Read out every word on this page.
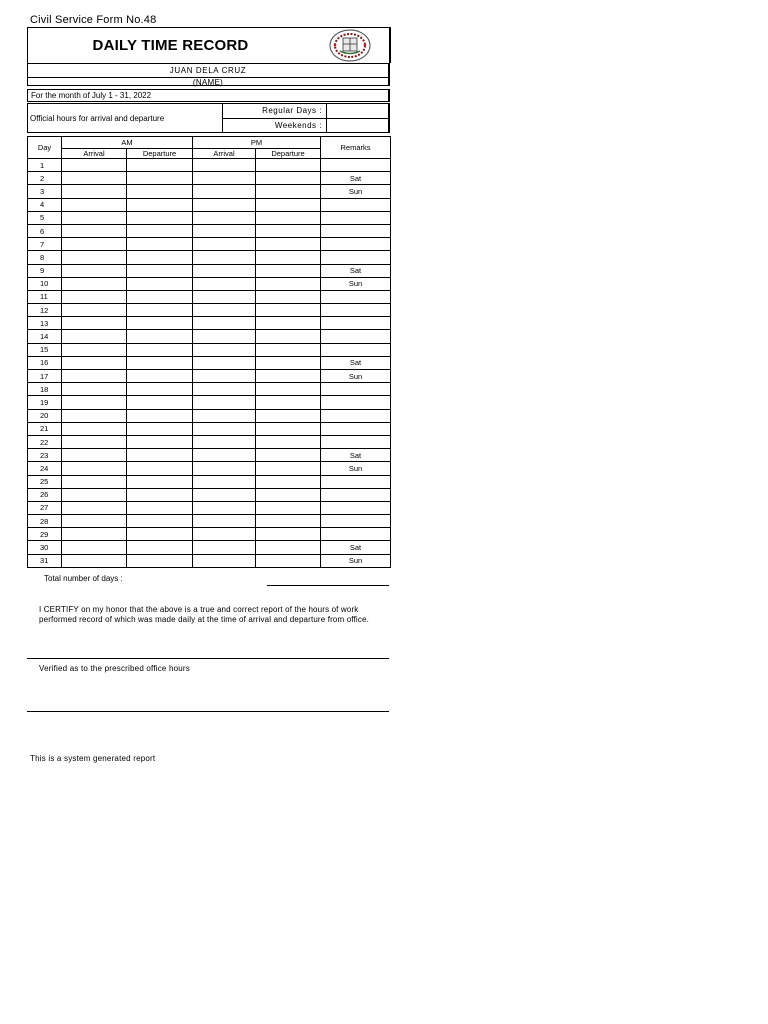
Civil Service Form No.48
DAILY TIME RECORD
JUAN DELA CRUZ
(NAME)
For the month of July 1 - 31, 2022
Official hours for arrival and departure
Regular Days :
Weekends :
Day	AM		PM		Remarks
	Arrival	Departure	Arrival	Departure	
1					
2					Sat
3					Sun
4					
5					
6					
7					
8					
9					Sat
10					Sun
11					
12					
13					
14					
15					
16					Sat
17					Sun
18					
19					
20					
21					
22					
23					Sat
24					Sun
25					
26					
27					
28					
29					
30					Sat
31					Sun
Total number of days :
I CERTIFY on my honor that the above is a true and correct report of the hours of work performed record of which was made daily at the time of arrival and departure from office.
Verified as to the prescribed office hours

This is a system generated report
